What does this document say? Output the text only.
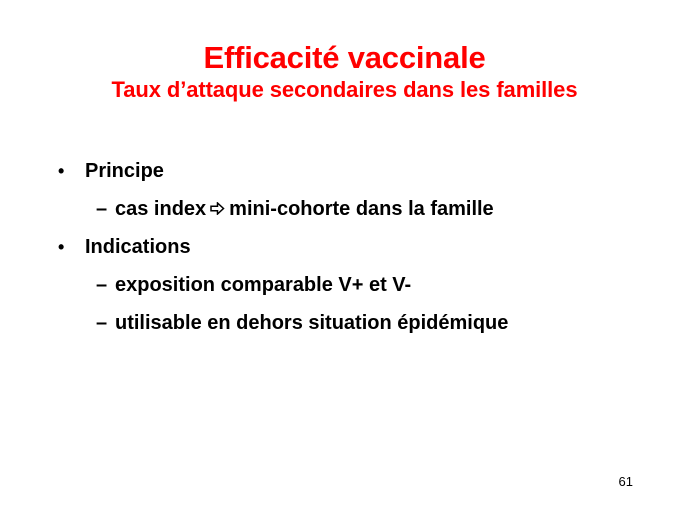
Efficacité vaccinale
Taux d’attaque secondaires dans les familles
• Principe
– cas index mini-cohorte dans la famille
• Indications
– exposition comparable V+ et V-
– utilisable en dehors situation épidémique
61
